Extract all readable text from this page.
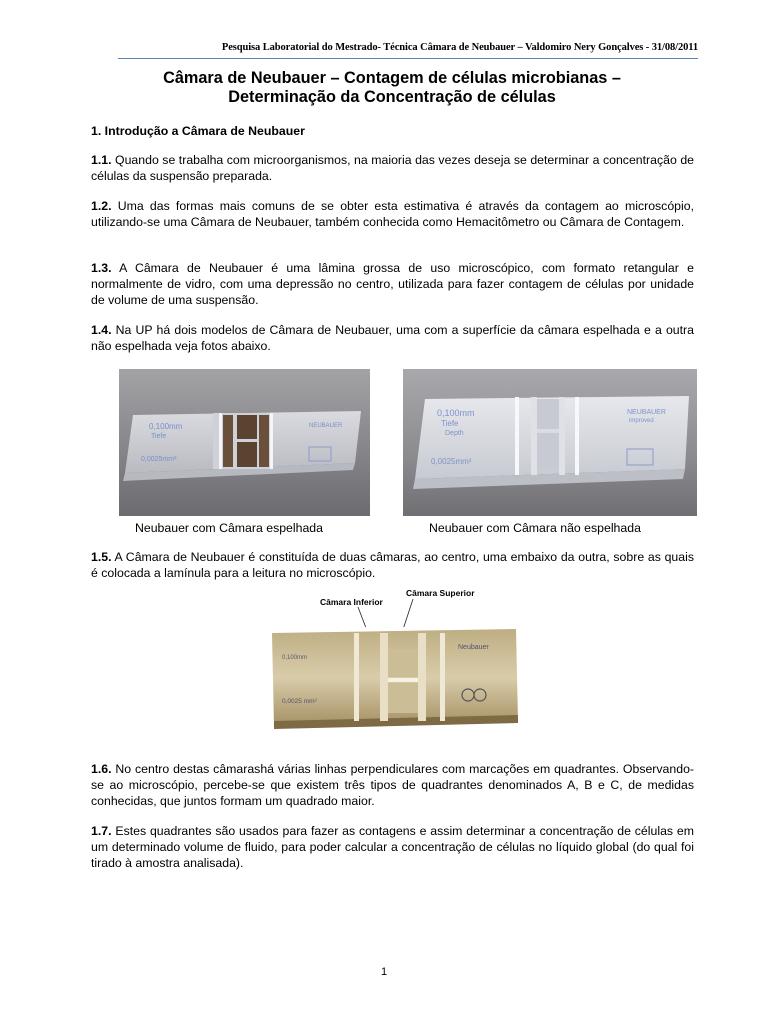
Pesquisa Laboratorial do Mestrado- Técnica Câmara de Neubauer – Valdomiro Nery Gonçalves - 31/08/2011
Câmara de Neubauer – Contagem de células microbianas –
Determinação da Concentração de células
1. Introdução a Câmara de Neubauer
1.1. Quando se trabalha com microorganismos, na maioria das vezes deseja se determinar a concentração de células da suspensão preparada.
1.2. Uma das formas mais comuns de se obter esta estimativa é através da contagem ao microscópio, utilizando-se uma Câmara de Neubauer, também conhecida como Hemacitômetro ou Câmara de Contagem.
1.3. A Câmara de Neubauer é uma lâmina grossa de uso microscópico, com formato retangular e normalmente de vidro, com uma depressão no centro, utilizada para fazer contagem de células por unidade de volume de uma suspensão.
1.4. Na UP há dois modelos de Câmara de Neubauer, uma com a superfície da câmara espelhada e a outra não espelhada veja fotos abaixo.
0,100mm
Tiefe
NEUBAUER
0,0025mm²
0,100mm
Tiefe
Depth
NEUBAUER
improved
0,0025mm²
Neubauer com Câmara espelhada	Neubauer com Câmara não espelhada
1.5. A Câmara de Neubauer é constituída de duas câmaras, ao centro, uma embaixo da outra, sobre as quais é colocada a lamínula para a leitura no microscópio.
Câmara Inferior
Câmara Superior
0,100mm
Neubauer
0,0025 mm²
1.6. No centro destas câmarashá várias linhas perpendiculares com marcações em quadrantes. Observando-se ao microscópio, percebe-se que existem três tipos de quadrantes denominados A, B e C, de medidas conhecidas, que juntos formam um quadrado maior.
1.7. Estes quadrantes são usados para fazer as contagens e assim determinar a concentração de células em um determinado volume de fluido, para poder calcular a concentração de células no líquido global (do qual foi tirado à amostra analisada).
1
